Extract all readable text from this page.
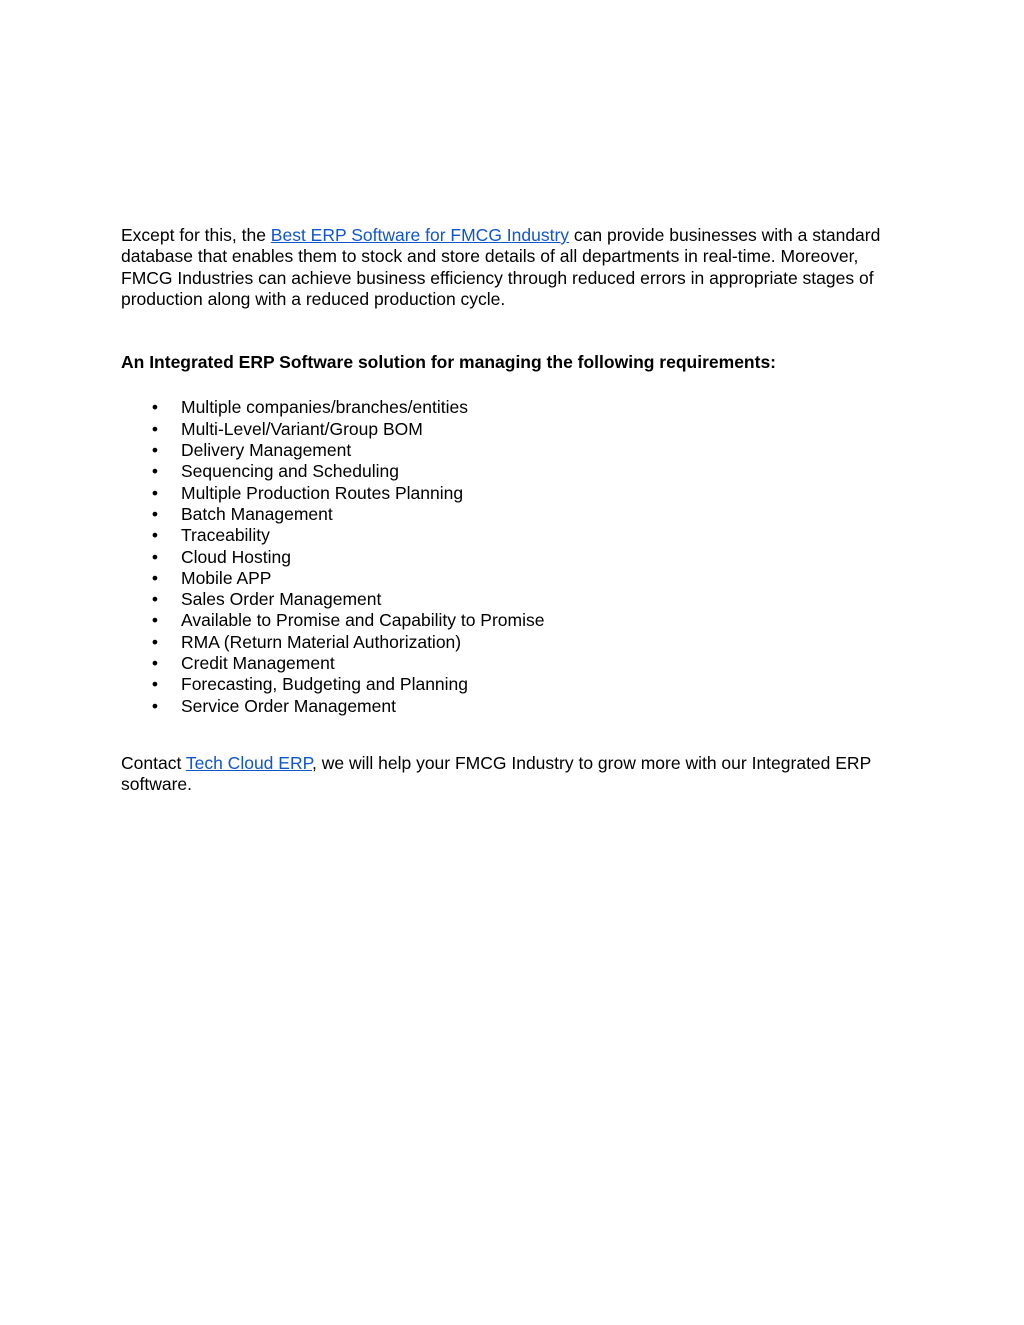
Except for this, the Best ERP Software for FMCG Industry can provide businesses with a standard database that enables them to stock and store details of all departments in real-time. Moreover, FMCG Industries can achieve business efficiency through reduced errors in appropriate stages of production along with a reduced production cycle.

An Integrated ERP Software solution for managing the following requirements:

• Multiple companies/branches/entities
• Multi-Level/Variant/Group BOM
• Delivery Management
• Sequencing and Scheduling
• Multiple Production Routes Planning
• Batch Management
• Traceability
• Cloud Hosting
• Mobile APP
• Sales Order Management
• Available to Promise and Capability to Promise
• RMA (Return Material Authorization)
• Credit Management
• Forecasting, Budgeting and Planning
• Service Order Management

Contact Tech Cloud ERP, we will help your FMCG Industry to grow more with our Integrated ERP software.
